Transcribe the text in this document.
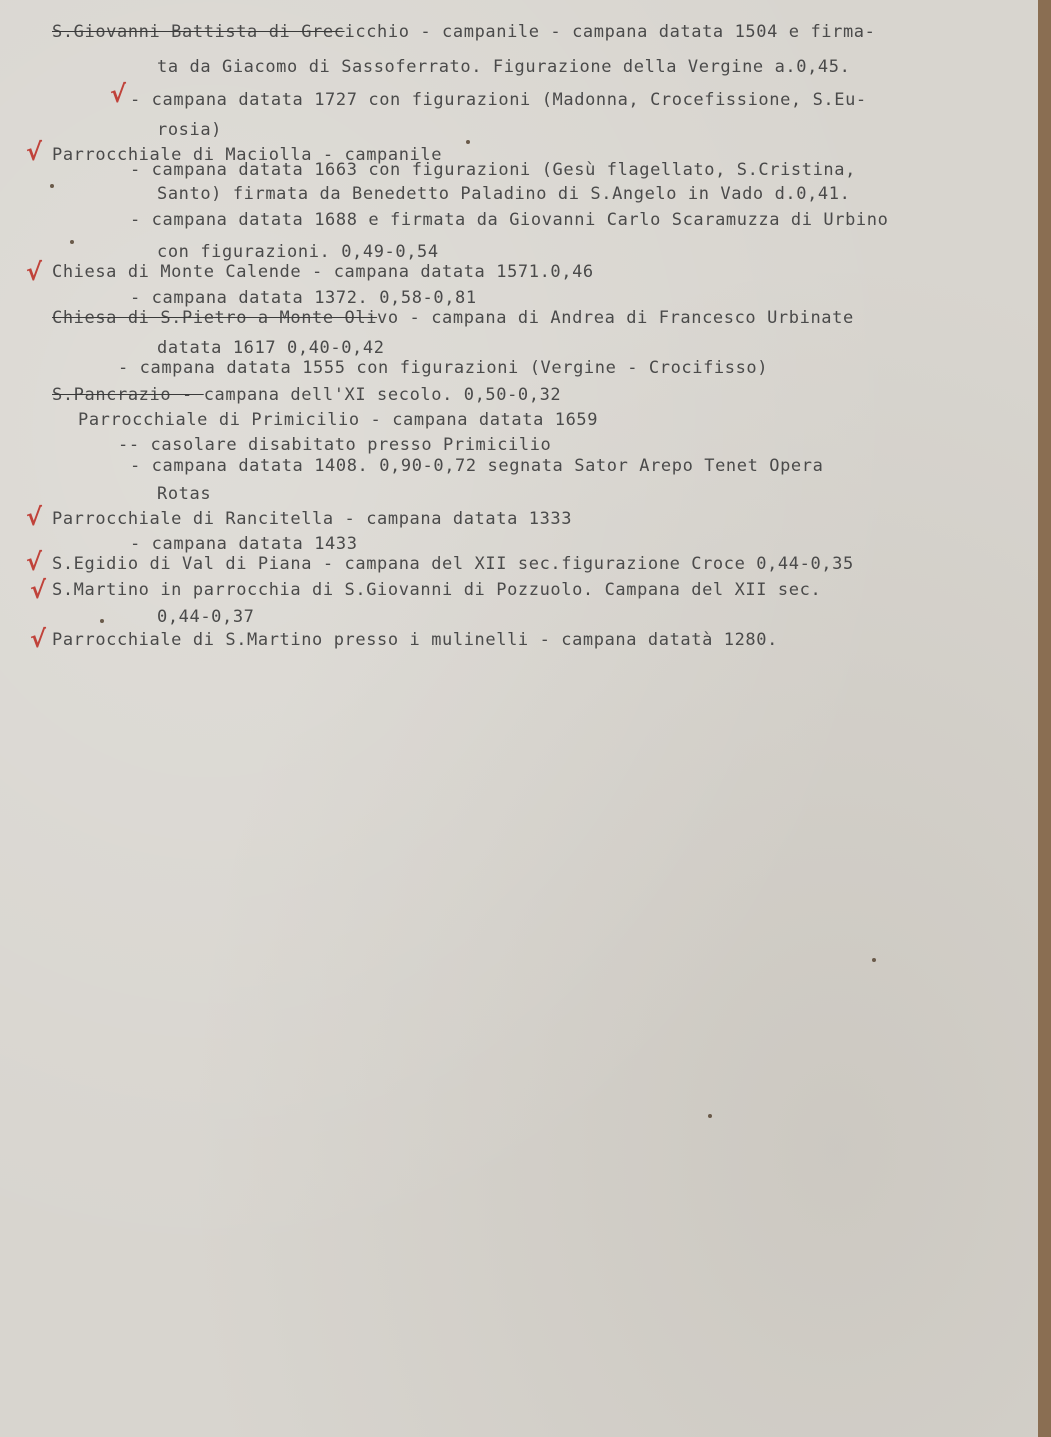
S.Giovanni Battista di Grecicchio - campanile - campana datata 1504 e firma-
ta da Giacomo di Sassoferrato. Figurazione della Vergine a.0,45.
- campana datata 1727 con figurazioni (Madonna, Crocefissione, S.Eu-
rosia)
Parrocchiale di Maciolla - campanile
- campana datata 1663 con figurazioni (Gesù flagellato, S.Cristina,
Santo) firmata da Benedetto Paladino di S.Angelo in Vado d.0,41.
- campana datata 1688 e firmata da Giovanni Carlo Scaramuzza di Urbino
con figurazioni. 0,49-0,54
Chiesa di Monte Calende - campana datata 1571.0,46
- campana datata 1372. 0,58-0,81
Chiesa di S.Pietro a Monte Olivo - campana di Andrea di Francesco Urbinate
datata 1617 0,40-0,42
- campana datata 1555 con figurazioni (Vergine - Crocifisso)
S.Pancrazio - campana dell'XI secolo. 0,50-0,32
Parrocchiale di Primicilio - campana datata 1659
-- casolare disabitato presso Primicilio
- campana datata 1408. 0,90-0,72 segnata Sator Arepo Tenet Opera
Rotas
Parrocchiale di Rancitella - campana datata 1333
- campana datata 1433
S.Egidio di Val di Piana - campana del XII sec.figurazione Croce 0,44-0,35
S.Martino in parrocchia di S.Giovanni di Pozzuolo. Campana del XII sec.
0,44-0,37
Parrocchiale di S.Martino presso i mulinelli - campana datatà 1280.
√
√
√
√
√
√
√
